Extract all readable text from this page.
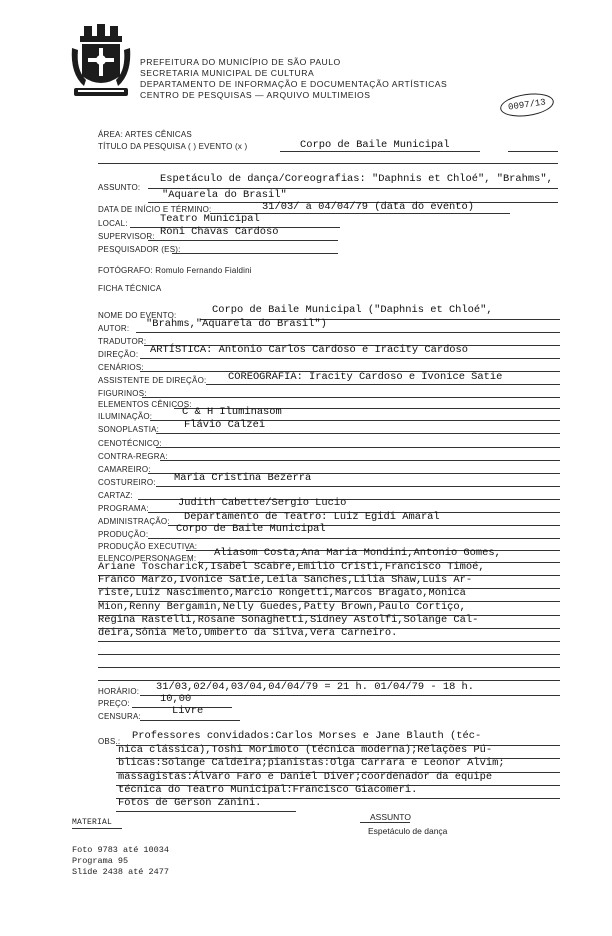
PREFEITURA DO MUNICÍPIO DE SÃO PAULO
SECRETARIA MUNICIPAL DE CULTURA
DEPARTAMENTO DE INFORMAÇÃO E DOCUMENTAÇÃO ARTÍSTICAS
CENTRO DE PESQUISAS — ARQUIVO MULTIMEIOS
0097/13
ÁREA: ARTES CÊNICAS
TÍTULO DA PESQUISA ( ) EVENTO (x )	Corpo de Baile Municipal
ASSUNTO:
Espetáculo de dança/Coreografias: "Daphnis et Chloé", "Brahms",
"Aquarela do Brasil"
DATA DE INÍCIO E TÉRMINO:	31/03/ a 04/04/79 (data do evento)
LOCAL:	Teatro Municipal
SUPERVISOR: Roni Chavas Cardoso
PESQUISADOR (ES):
FOTÓGRAFO: Romulo Fernando Fialdini
FICHA TÉCNICA
NOME DO EVENTO:	Corpo de Baile Municipal ("Daphnis et Chloé",
AUTOR: "Brahms,"Aquarela do Brasil")
TRADUTOR:
DIREÇÃO: ARTÍSTICA: Antonio Carlos Cardoso e Iracity Cardoso
CENÁRIOS:
ASSISTENTE DE DIREÇÃO: COREOGRAFIA: Iracity Cardoso e Ivonice Satie
FIGURINOS:
ELEMENTOS CÊNICOS:
ILUMINAÇÃO:	C & H Iluminasom
SONOPLASTIA: Flávio Calzei
CENOTÉCNICO:
CONTRA-REGRA:
CAMAREIRO:
COSTUREIRO: Maria Cristina Bezerra
CARTAZ:
PROGRAMA:	Judith Cabette/Sergio Lucio
ADMINISTRAÇÃO: Departamento de Teatro: Luiz Egidi Amaral
PRODUÇÃO:	Corpo de Baile Municipal
PRODUÇÃO EXECUTIVA:
ELENCO/PERSONAGEM: Aliasom Costa,Ana Maria Mondini,Antonio Gomes,
Ariane Toscharick,Isabel Scabre,Emilio Cristi,Francisco Timoé,
Franco Marzo,Ivonice Satie,Leila Sanches,Lilia Shaw,Luis Ar-
riste,Luiz Nascimento,Marcio Rongetti,Marcos Bragato,Monica
Mion,Renny Bergamin,Nelly Guedes,Patty Brown,Paulo Cortiço,
Regina Rastelli,Rosane Sonaghetti,Sidney Astolfi,Solange Cal-
deira,Sônia Melo,Umberto da Silva,Vera Carneiro.
HORÁRIO: 31/03,02/04,03/04,04/04/79 = 21 h. 01/04/79 - 18 h.
PREÇO:	10,00
CENSURA:	Livre
OBS.: Professores convidados:Carlos Morses e Jane Blauth (téc-
nica clássica),Toshi Morimoto (técnica moderna);Relações Pú-
blicas:Solange Caldeira;pianistas:Olga Carrara e Leonor Alvim;
massagistas:Álvaro Faro e Daniel Diver;coordenador da equipe
técnica do Teatro Municipal:Francisco Giacomeri.
Fotos de Gerson Zanini.
MATERIAL
Foto 9783 até 10034
Programa 95
Slide 2438 até 2477
ASSUNTO
Espetáculo de dança
